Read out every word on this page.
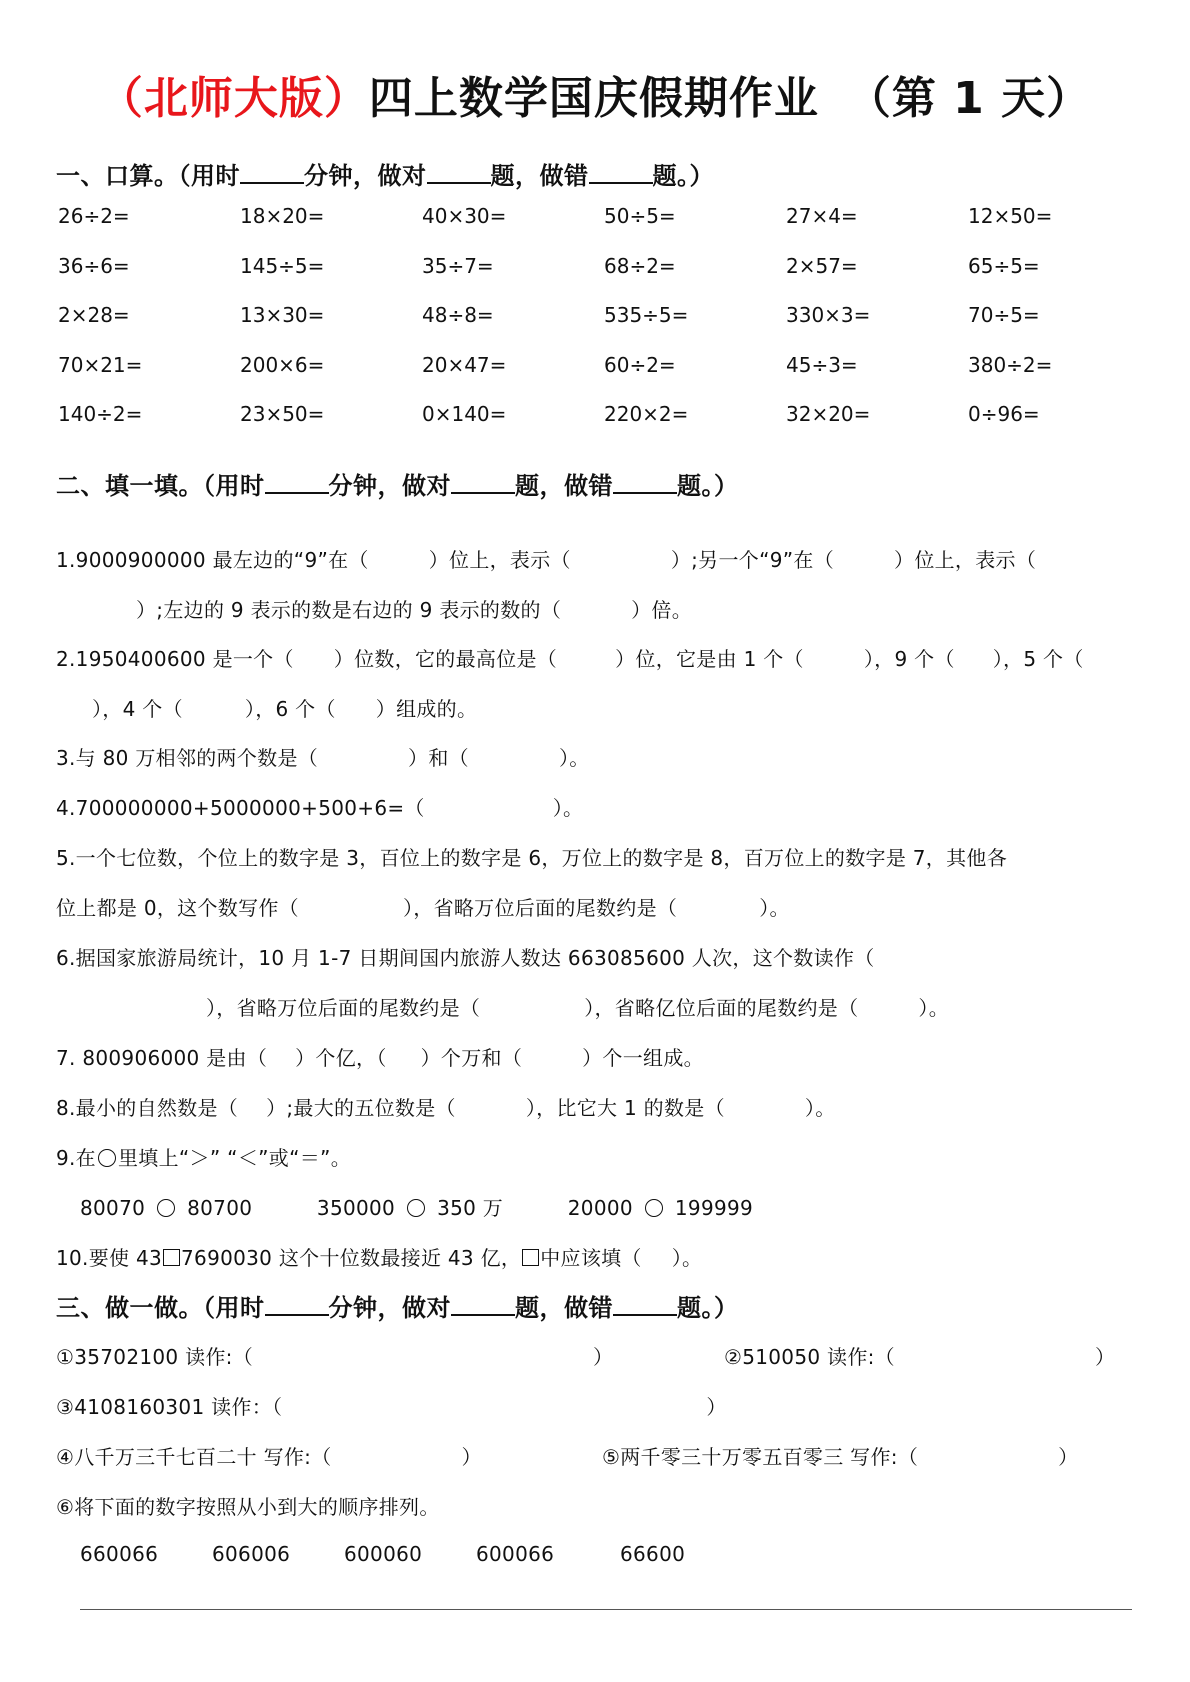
（北师大版）四上数学国庆假期作业 （第 1 天）
一、口算。（用时	分钟，做对	题，做错	题。）
26÷2=	18×20=	40×30=	50÷5=	27×4=	12×50=
36÷6=	145÷5=	35÷7=	68÷2=	2×57=	65÷5=
2×28=	13×30=	48÷8=	535÷5=	330×3=	70÷5=
70×21=	200×6=	20×47=	60÷2=	45÷3=	380÷2=
140÷2=	23×50=	0×140=	220×2=	32×20=	0÷96=
二、填一填。（用时	分钟，做对	题，做错	题。）
1.9000900000 最左边的“9”在（	）位上，表示（	）;另一个“9”在（	）位上，表示（
）;左边的 9 表示的数是右边的 9 表示的数的（	）倍。
2.1950400600 是一个（ ）位数，它的最高位是（	）位，它是由 1 个（	），9 个（ ），5 个（
），4 个（	），6 个（ ）组成的。
3.与 80 万相邻的两个数是（	）和（	）。
4.700000000+5000000+500+6=（	）。
5.一个七位数，个位上的数字是 3，百位上的数字是 6，万位上的数字是 8，百万位上的数字是 7，其他各
位上都是 0，这个数写作（	），省略万位后面的尾数约是（	）。
6.据国家旅游局统计，10 月 1-7 日期间国内旅游人数达 663085600 人次，这个数读作（
），省略万位后面的尾数约是（	），省略亿位后面的尾数约是（	）。
7. 800906000 是由（ ）个亿，（ ）个万和（	）个一组成。
8.最小的自然数是（ ）;最大的五位数是（	），比它大 1 的数是（	）。
9.在 里填上“＞” “＜”或“＝”。
80070 80700	350000 350 万	20000 199999
10.要使 43 7690030 这个十位数最接近 43 亿， 中应该填（ ）。
三、做一做。（用时	分钟，做对	题，做错	题。）
①35702100 读作:（	）	②510050 读作:（	）
③4108160301 读作：（	）
④八千万三千七百二十 写作:（	）	⑤两千零三十万零五百零三 写作:（	）
⑥将下面的数字按照从小到大的顺序排列。
660066	606006	600060	600066	66600
